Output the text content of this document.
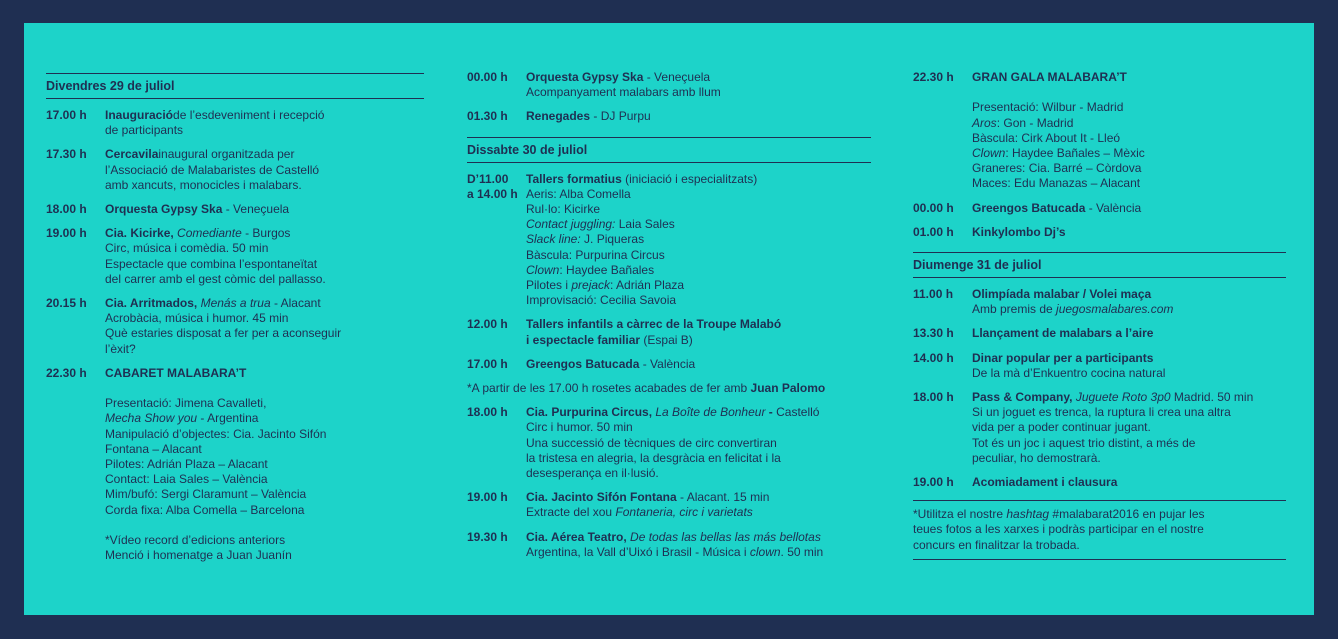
Divendres 29 de juliol
17.00 h	Inauguracióde l’esdeveniment i recepció
de participants
17.30 h	Cercavilainaugural organitzada per
l’Associació de Malabaristes de Castelló
amb xancuts, monocicles i malabars.
18.00 h	Orquesta Gypsy Ska - Veneçuela
19.00 h	Cia. Kicirke, Comediante - Burgos
Circ, música i comèdia. 50 min
Espectacle que combina l’espontaneïtat
del carrer amb el gest còmic del pallasso.
20.15 h	Cia. Arritmados, Menás a trua - Alacant
Acrobàcia, música i humor. 45 min
Què estaries disposat a fer per a aconseguir
l’èxit?
22.30 h	CABARET MALABARA’T

Presentació: Jimena Cavalleti,
Mecha Show you - Argentina
Manipulació d’objectes: Cia. Jacinto Sifón
Fontana – Alacant
Pilotes: Adrián Plaza – Alacant
Contact: Laia Sales – València
Mim/bufó: Sergi Claramunt – València
Corda fixa: Alba Comella – Barcelona

*Vídeo record d’edicions anteriors
Menció i homenatge a Juan Juanín
00.00 h	Orquesta Gypsy Ska - Veneçuela
Acompanyament malabars amb llum
01.30 h	Renegades - DJ Purpu
Dissabte 30 de juliol
D’11.00
a 14.00 h
Tallers formatius (iniciació i especialitzats)
Aeris: Alba Comella
Rul·lo: Kicirke
Contact juggling: Laia Sales
Slack line: J. Piqueras
Bàscula: Purpurina Circus
Clown: Haydee Bañales
Pilotes i prejack: Adrián Plaza
Improvisació: Cecilia Savoia
12.00 h	Tallers infantils a càrrec de la Troupe Malabó
i espectacle familiar (Espai B)
17.00 h	Greengos Batucada - València
*A partir de les 17.00 h rosetes acabades de fer amb Juan Palomo
18.00 h	Cia. Purpurina Circus, La Boîte de Bonheur - Castelló
Circ i humor. 50 min
Una successió de tècniques de circ convertiran
la tristesa en alegria, la desgràcia en felicitat i la
desesperança en il·lusió.
19.00 h	Cia. Jacinto Sifón Fontana - Alacant. 15 min
Extracte del xou Fontaneria, circ i varietats
19.30 h	Cia. Aérea Teatro, De todas las bellas las más bellotas
Argentina, la Vall d’Uixó i Brasil - Música i clown. 50 min
22.30 h	GRAN GALA MALABARA’T

Presentació: Wilbur - Madrid
Aros: Gon - Madrid
Bàscula: Cirk About It - Lleó
Clown: Haydee Bañales – Mèxic
Graneres: Cia. Barré – Còrdova
Maces: Edu Manazas – Alacant
00.00 h	Greengos Batucada - València
01.00 h	Kinkylombo Dj’s
Diumenge 31 de juliol
11.00 h	Olimpíada malabar / Volei maça
Amb premis de juegosmalabares.com
13.30 h	Llançament de malabars a l’aire
14.00 h	Dinar popular per a participants
De la mà d’Enkuentro cocina natural
18.00 h	Pass & Company, Juguete Roto 3p0 Madrid. 50 min
Si un joguet es trenca, la ruptura li crea una altra
vida per a poder continuar jugant.
Tot és un joc i aquest trio distint, a més de
peculiar, ho demostrarà.
19.00 h	Acomiadament i clausura
*Utilitza el nostre hashtag #malabarat2016 en pujar les
teues fotos a les xarxes i podràs participar en el nostre
concurs en finalitzar la trobada.
